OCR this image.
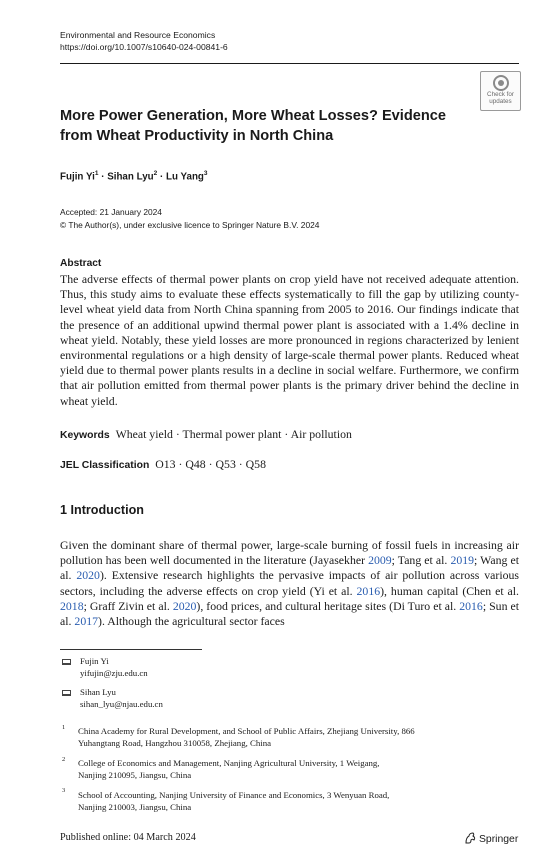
Environmental and Resource Economics
https://doi.org/10.1007/s10640-024-00841-6
Check for
updates
More Power Generation, More Wheat Losses? Evidence from Wheat Productivity in North China
Fujin $Yi^1$ · Sihan Lyu$^2$ · Lu Yang$^3$
Accepted: 21 January 2024
© The Author(s), under exclusive licence to Springer Nature B.V. 2024
Abstract
The adverse effects of thermal power plants on crop yield have not received adequate attention. Thus, this study aims to evaluate these effects systematically to fill the gap by utilizing county-level wheat yield data from North China spanning from 2005 to 2016. Our findings indicate that the presence of an additional upwind thermal power plant is associated with a 1.4% decline in wheat yield. Notably, these yield losses are more pronounced in regions characterized by lenient environmental regulations or a high density of large-scale thermal power plants. Reduced wheat yield due to thermal power plants results in a decline in social welfare. Furthermore, we confirm that air pollution emitted from thermal power plants is the primary driver behind the decline in wheat yield.
Keywords Wheat yield · Thermal power plant · Air pollution
JEL Classification O13 · Q48 · Q53 · Q58
1 Introduction
Given the dominant share of thermal power, large-scale burning of fossil fuels in increasing air pollution has been well documented in the literature (Jayasekher 2009; Tang et al. 2019; Wang et al. 2020). Extensive research highlights the pervasive impacts of air pollution across various sectors, including the adverse effects on crop yield (Yi et al. 2016), human capital (Chen et al. 2018; Graff Zivin et al. 2020), food prices, and cultural heritage sites (Di Turo et al. 2016; Sun et al. 2017). Although the agricultural sector faces
Fujin Yi
yifujin@zju.edu.cn
Sihan Lyu
sihan_lyu@njau.edu.cn
1 China Academy for Rural Development, and School of Public Affairs, Zhejiang University, 866
Yuhangtang Road, Hangzhou 310058, Zhejiang, China
2 College of Economics and Management, Nanjing Agricultural University, 1 Weigang,
Nanjing 210095, Jiangsu, China
3 School of Accounting, Nanjing University of Finance and Economics, 3 Wenyuan Road,
Nanjing 210003, Jiangsu, China
Published online: 04 March 2024	Springer
